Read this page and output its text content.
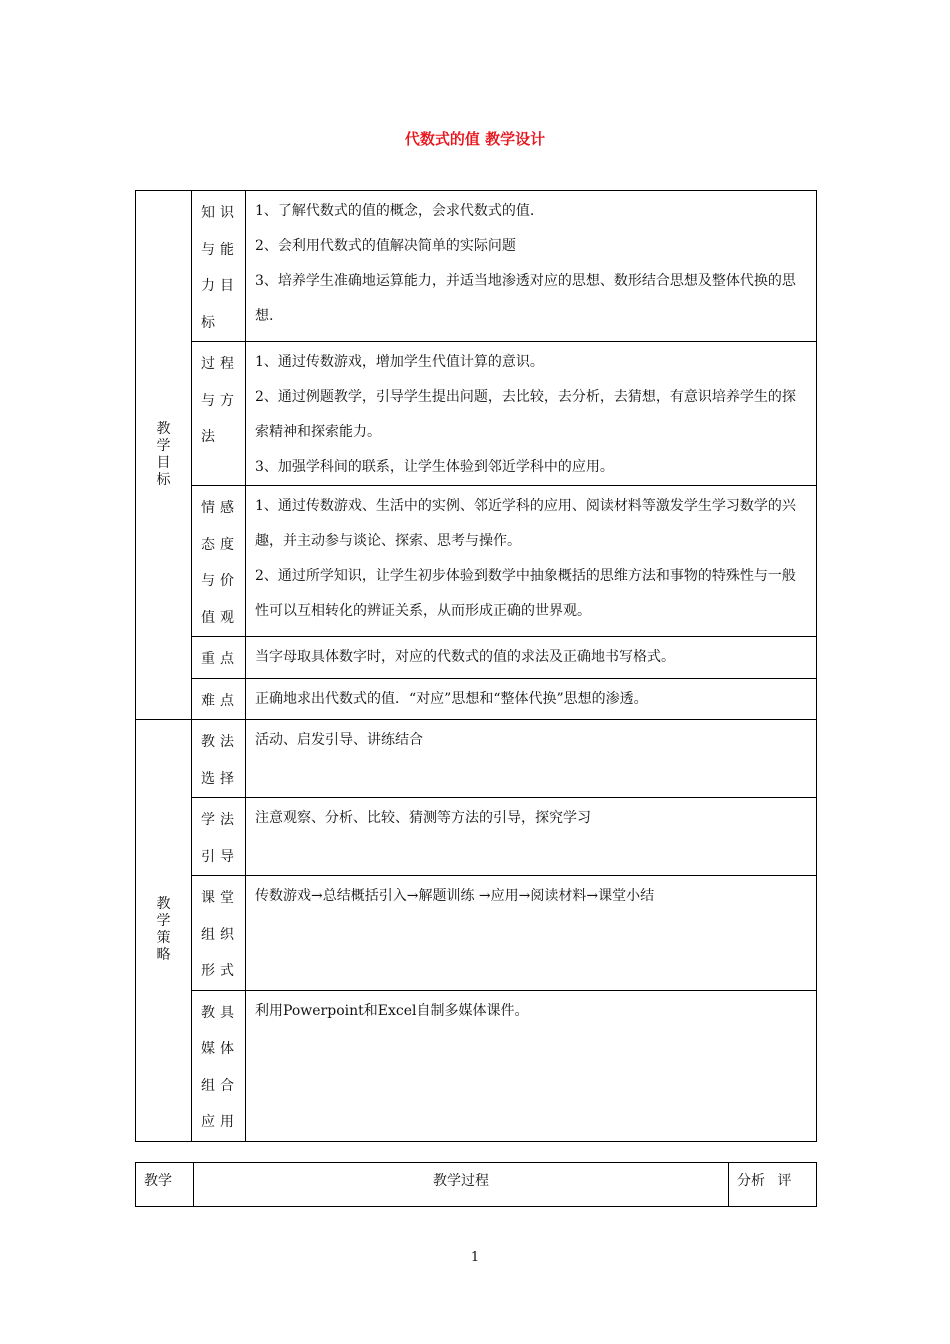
代数式的值 教学设计
教学目标	知识与能力目标	1、了解代数式的值的概念，会求代数式的值.

2、会利用代数式的值解决简单的实际问题

3、培养学生准确地运算能力，并适当地渗透对应的思想、数形结合思想及整体代换的思想.

	过程与方法	1、通过传数游戏，增加学生代值计算的意识。

2、通过例题教学，引导学生提出问题，去比较，去分析，去猜想，有意识培养学生的探索精神和探索能力。

3、加强学科间的联系，让学生体验到邻近学科中的应用。

	情感态度与价值观	1、通过传数游戏、生活中的实例、邻近学科的应用、阅读材料等激发学生学习数学的兴趣，并主动参与谈论、探索、思考与操作。

2、通过所学知识，让学生初步体验到数学中抽象概括的思维方法和事物的特殊性与一般性可以互相转化的辨证关系，从而形成正确的世界观。

	重点	当字母取具体数字时，对应的代数式的值的求法及正确地书写格式。

	难点	正确地求出代数式的值．“对应”思想和“整体代换”思想的渗透。

教学策略	教法选择	活动、启发引导、讲练结合

	学法引导	注意观察、分析、比较、猜测等方法的引导，探究学习

	课堂组织形式	传数游戏→总结概括引入→解题训练 →应用→阅读材料→课堂小结

	教具媒体组合应用	利用Powerpoint和Excel自制多媒体课件。

教学	教学过程	分析 评
1
